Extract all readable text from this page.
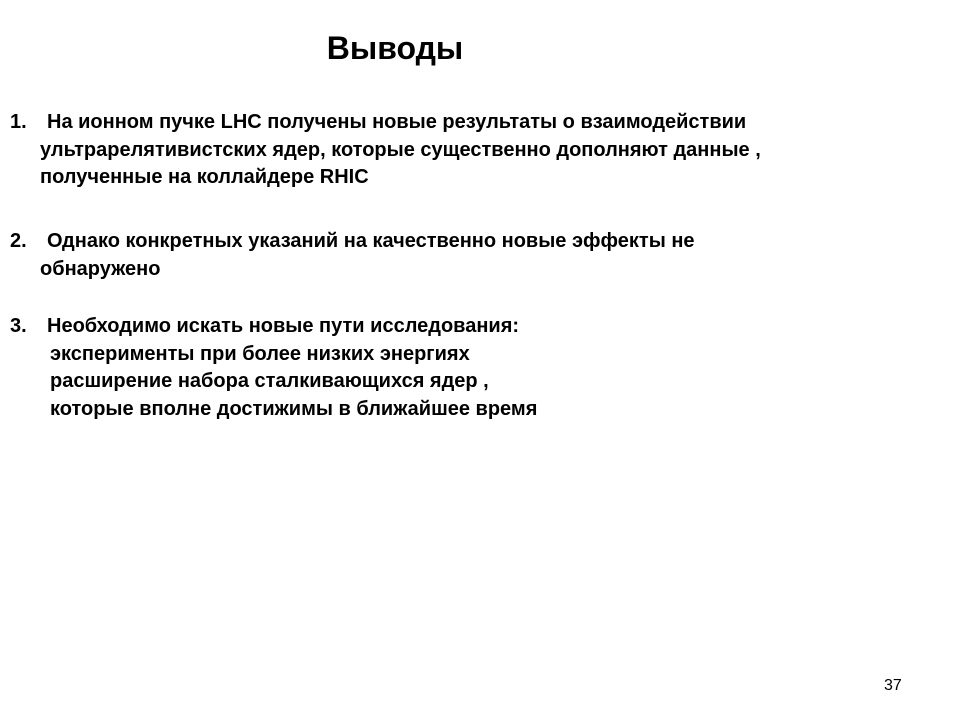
Выводы
1. На ионном пучке LHC получены новые результаты о взаимодействии
ультрарелятивистских ядер, которые существенно дополняют данные ,
полученные на коллайдере RHIC
2. Однако конкретных указаний на качественно новые эффекты не
обнаружено
3. Необходимо искать новые пути исследования:
эксперименты при более низких энергиях
расширение набора сталкивающихся ядер ,
которые вполне достижимы в ближайшее время
37
